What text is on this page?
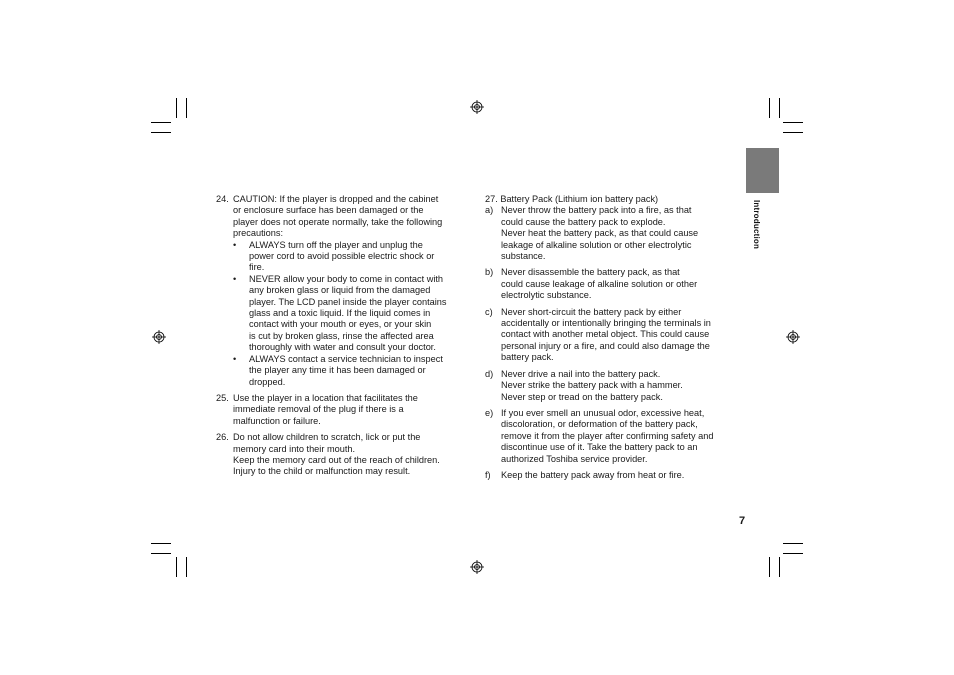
Introduction
24. CAUTION: If the player is dropped and the cabinet
or enclosure surface has been damaged or the
player does not operate normally, take the following
precautions:
• ALWAYS turn off the player and unplug the
power cord to avoid possible electric shock or
fire.
• NEVER allow your body to come in contact with
any broken glass or liquid from the damaged
player. The LCD panel inside the player contains
glass and a toxic liquid. If the liquid comes in
contact with your mouth or eyes, or your skin
is cut by broken glass, rinse the affected area
thoroughly with water and consult your doctor.
• ALWAYS contact a service technician to inspect
the player any time it has been damaged or
dropped.
25. Use the player in a location that facilitates the
immediate removal of the plug if there is a
malfunction or failure.
26. Do not allow children to scratch, lick or put the
memory card into their mouth.
Keep the memory card out of the reach of children.
Injury to the child or malfunction may result.
27. Battery Pack (Lithium ion battery pack)
a) Never throw the battery pack into a fire, as that
could cause the battery pack to explode.
Never heat the battery pack, as that could cause
leakage of alkaline solution or other electrolytic
substance.
b) Never disassemble the battery pack, as that
could cause leakage of alkaline solution or other
electrolytic substance.
c) Never short-circuit the battery pack by either
accidentally or intentionally bringing the terminals in
contact with another metal object. This could cause
personal injury or a fire, and could also damage the
battery pack.
d) Never drive a nail into the battery pack.
Never strike the battery pack with a hammer.
Never step or tread on the battery pack.
e) If you ever smell an unusual odor, excessive heat,
discoloration, or deformation of the battery pack,
remove it from the player after confirming safety and
discontinue use of it. Take the battery pack to an
authorized Toshiba service provider.
f) Keep the battery pack away from heat or fire.
7
